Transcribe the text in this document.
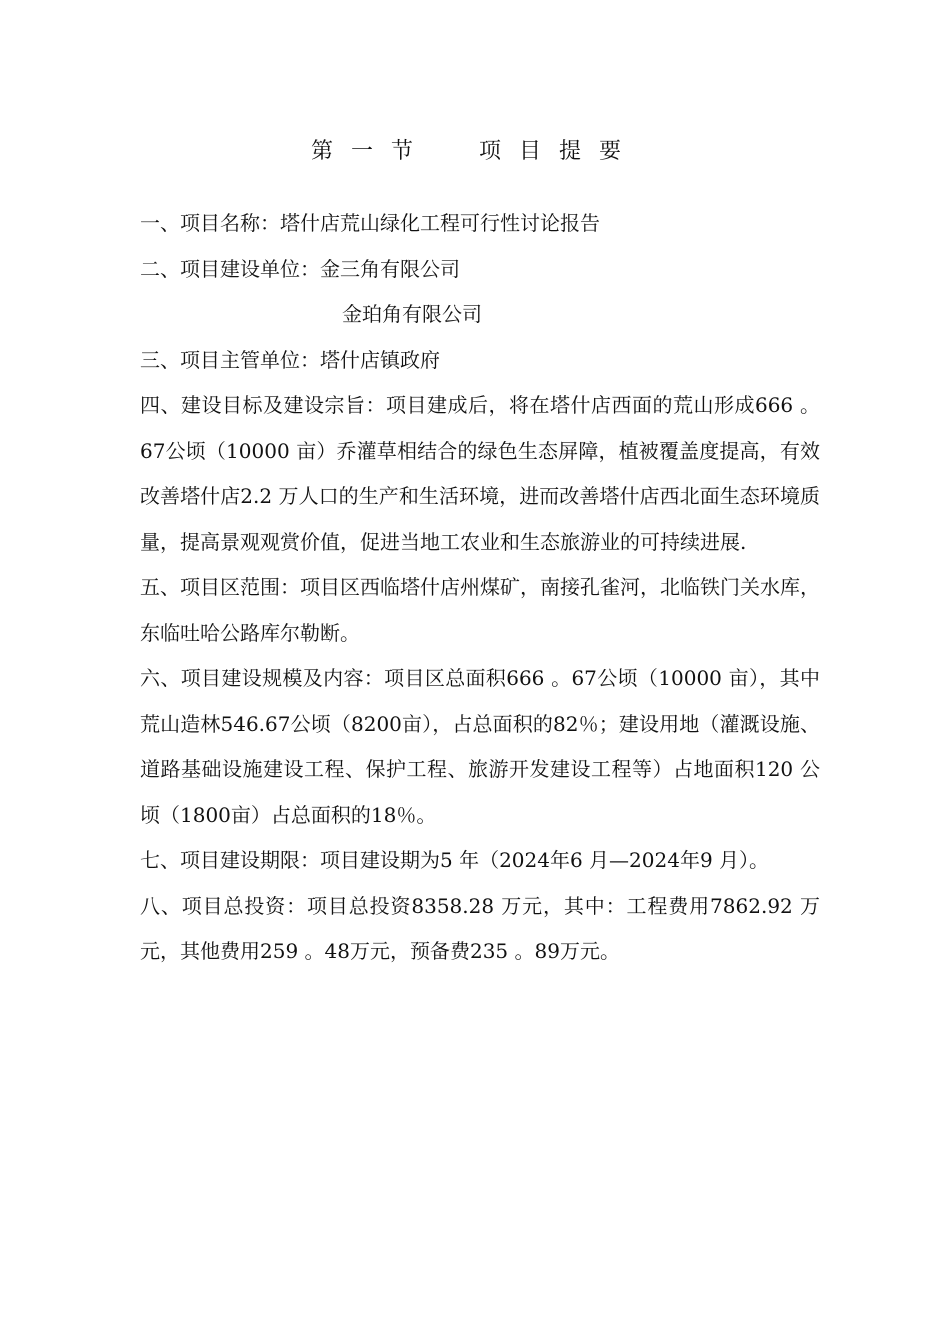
第一节 项目提要

一、项目名称：塔什店荒山绿化工程可行性讨论报告

二、项目建设单位：金三角有限公司

金珀角有限公司

三、项目主管单位：塔什店镇政府

四、建设目标及建设宗旨：项目建成后，将在塔什店西面的荒山形成666 。67公顷（10000 亩）乔灌草相结合的绿色生态屏障，植被覆盖度提高，有效改善塔什店2.2 万人口的生产和生活环境，进而改善塔什店西北面生态环境质量，提高景观观赏价值，促进当地工农业和生态旅游业的可持续进展.

五、项目区范围：项目区西临塔什店州煤矿，南接孔雀河，北临铁门关水库，东临吐哈公路库尔勒断。

六、项目建设规模及内容：项目区总面积666 。67公顷（10000 亩），其中荒山造林546.67公顷（8200亩），占总面积的82％；建设用地（灌溉设施、道路基础设施建设工程、保护工程、旅游开发建设工程等）占地面积120 公顷（1800亩）占总面积的18％。

七、项目建设期限：项目建设期为5 年（2024年6 月—2024年9 月）。

八、项目总投资：项目总投资8358.28 万元，其中：工程费用7862.92 万元，其他费用259 。48万元，预备费235 。89万元。
